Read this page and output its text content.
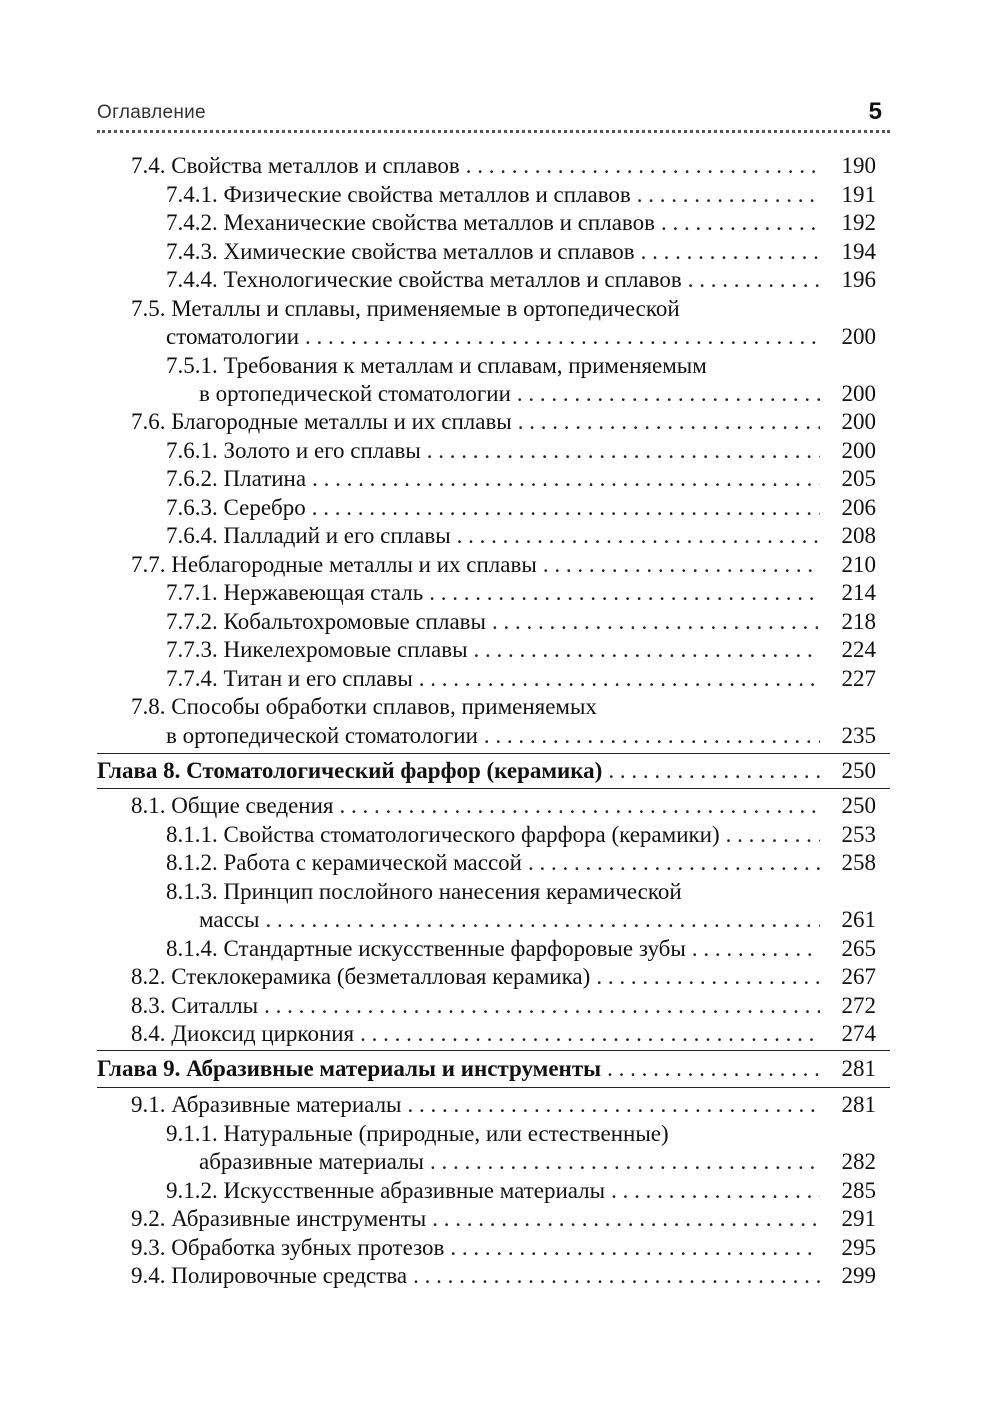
Оглавление	5
7.4. Свойства металлов и сплавов . . .	190
7.4.1. Физические свойства металлов и сплавов . . .	191
7.4.2. Механические свойства металлов и сплавов . . .	192
7.4.3. Химические свойства металлов и сплавов . . .	194
7.4.4. Технологические свойства металлов и сплавов . . .	196
7.5. Металлы и сплавы, применяемые в ортопедической
стоматологии . . .	200
7.5.1. Требования к металлам и сплавам, применяемым
в ортопедической стоматологии . . .	200
7.6. Благородные металлы и их сплавы . . .	200
7.6.1. Золото и его сплавы . . .	200
7.6.2. Платина . . .	205
7.6.3. Серебро . . .	206
7.6.4. Палладий и его сплавы . . .	208
7.7. Неблагородные металлы и их сплавы . . .	210
7.7.1. Нержавеющая сталь . . .	214
7.7.2. Кобальтохромовые сплавы . . .	218
7.7.3. Никелехромовые сплавы . . .	224
7.7.4. Титан и его сплавы . . .	227
7.8. Способы обработки сплавов, применяемых
в ортопедической стоматологии . . .	235
Глава 8. Стоматологический фарфор (керамика) . . .	250
8.1. Общие сведения . . .	250
8.1.1. Свойства стоматологического фарфора (керамики) . . .	253
8.1.2. Работа с керамической массой . . .	258
8.1.3. Принцип послойного нанесения керамической
массы . . .	261
8.1.4. Стандартные искусственные фарфоровые зубы . . .	265
8.2. Стеклокерамика (безметалловая керамика) . . .	267
8.3. Ситаллы . . .	272
8.4. Диоксид циркония . . .	274
Глава 9. Абразивные материалы и инструменты . . .	281
9.1. Абразивные материалы . . .	281
9.1.1. Натуральные (природные, или естественные)
абразивные материалы . . .	282
9.1.2. Искусственные абразивные материалы . . .	285
9.2. Абразивные инструменты . . .	291
9.3. Обработка зубных протезов . . .	295
9.4. Полировочные средства . . .	299
